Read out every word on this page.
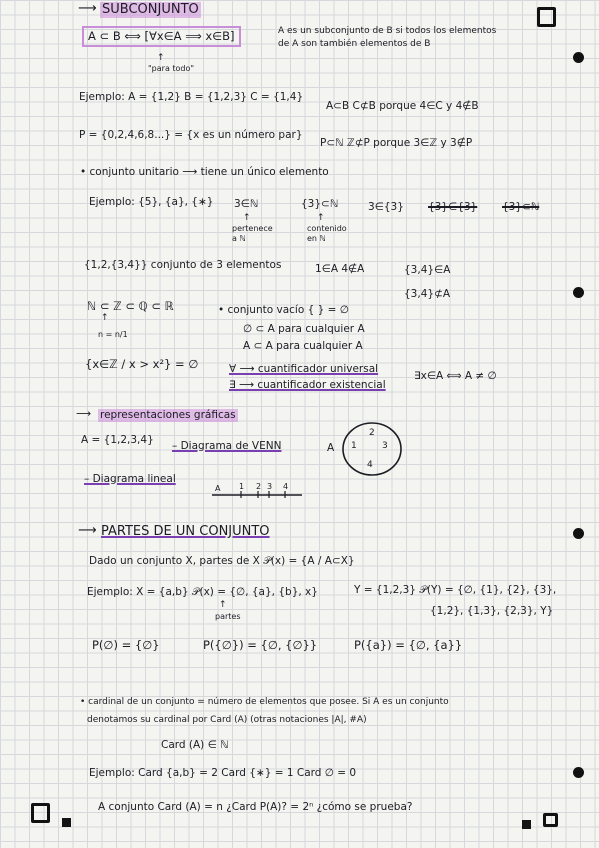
⟶ SUBCONJUNTO
A ⊂ B ⟺ [∀x∈A ⟹ x∈B]
↑
"para todo"
A es un subconjunto de B si todos los elementos
de A son también elementos de B
Ejemplo: A = {1,2} B = {1,2,3} C = {1,4}
A⊂B C⊄B porque 4∈C y 4∉B
P = {0,2,4,6,8...} = {x es un número par}
P⊂ℕ ℤ⊄P porque 3∈ℤ y 3∉P
• conjunto unitario ⟶ tiene un único elemento
Ejemplo: {5}, {a}, {∗} 3∈ℕ	{3}⊂ℕ	3∈{3} {3}∈{3} {3}⊂ℕ
↑
pertenece
a ℕ
↑
contenido
en ℕ
{1,2,{3,4}} conjunto de 3 elementos	1∈A 4∉A	{3,4}∈A
{3,4}⊄A
ℕ ⊂ ℤ ⊂ ℚ ⊂ ℝ
↑
n = n/1
• conjunto vacío { } = ∅
∅ ⊂ A para cualquier A
A ⊂ A para cualquier A
{x∈ℤ / x > x²} = ∅	∀ ⟶ cuantificador universal
∃ ⟶ cuantificador existencial
∃x∈A ⟺ A ≠ ∅
⟶ representaciones gráficas
A = {1,2,3,4} – Diagrama de VENN	A
2
1	3
4
– Diagrama lineal
A 1 2 3 4
⟶ PARTES DE UN CONJUNTO
Dado un conjunto X, partes de X 𝒫(x) = {A / A⊂X}
Ejemplo: X = {a,b} 𝒫(x) = {∅, {a}, {b}, x}
↑
partes
Y = {1,2,3} 𝒫(Y) = {∅, {1}, {2}, {3},
{1,2}, {1,3}, {2,3}, Y}
P(∅) = {∅}	P({∅}) = {∅, {∅}}	P({a}) = {∅, {a}}
• cardinal de un conjunto = número de elementos que posee. Si A es un conjunto
denotamos su cardinal por Card (A) (otras notaciones |A|, #A)
Card (A) ∈ ℕ
Ejemplo: Card {a,b} = 2 Card {∗} = 1 Card ∅ = 0
A conjunto Card (A) = n ¿Card P(A)? = 2ⁿ ¿cómo se prueba?
